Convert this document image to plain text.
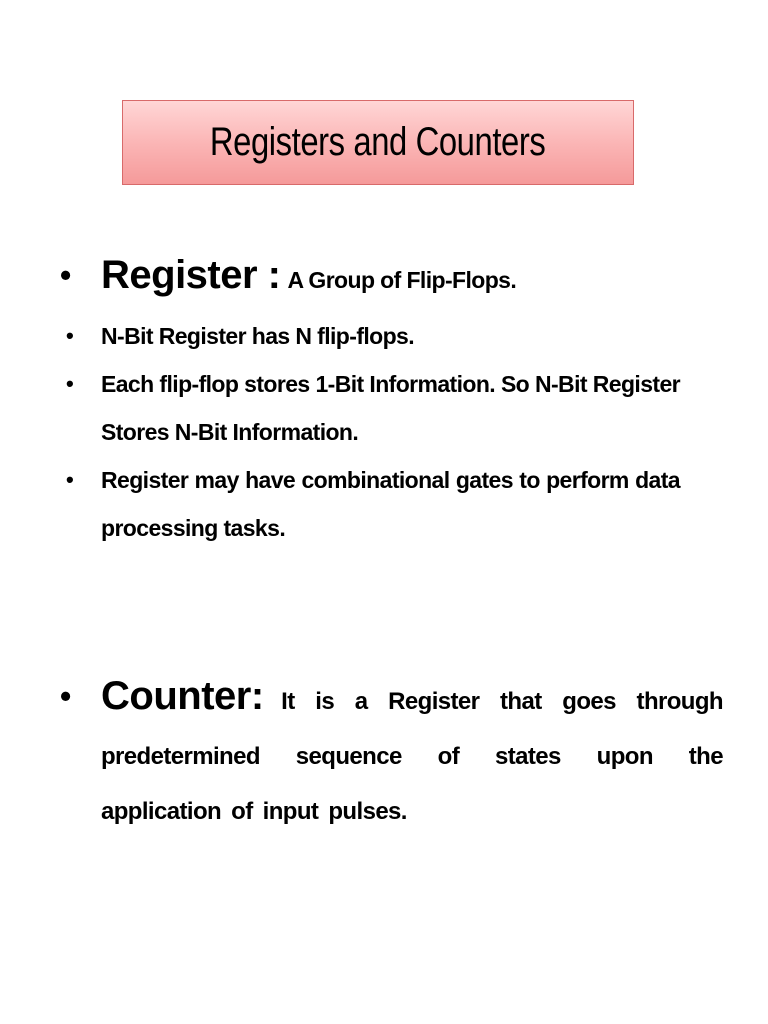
Registers and Counters
• Register : A Group of Flip-Flops.
• N-Bit Register has N flip-flops.
• Each flip-flop stores 1-Bit Information. So N-Bit Register Stores N-Bit Information.
• Register may have combinational gates to perform data processing tasks.
• Counter: It is a Register that goes through predetermined sequence of states upon the application of input pulses.
